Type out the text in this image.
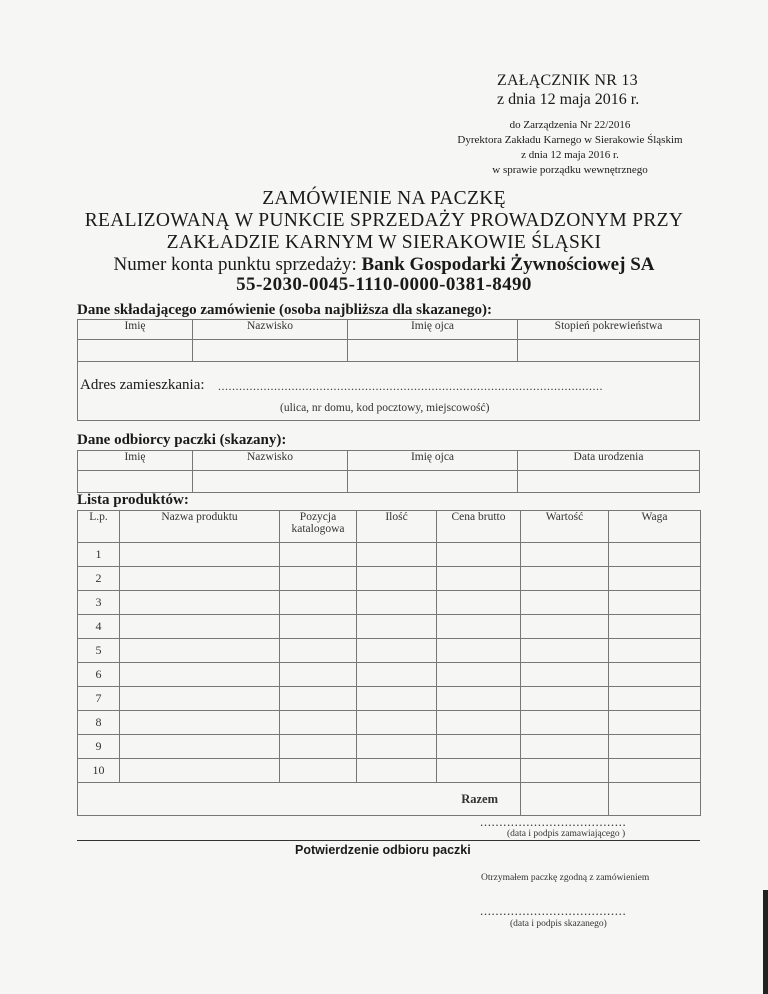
ZAŁĄCZNIK NR 13
z dnia 12 maja 2016 r.
do Zarządzenia Nr 22/2016
Dyrektora Zakładu Karnego w Sierakowie Śląskim
z dnia 12 maja 2016 r.
w sprawie porządku wewnętrznego
ZAMÓWIENIE NA PACZKĘ
REALIZOWANĄ W PUNKCIE SPRZEDAŻY PROWADZONYM PRZY
ZAKŁADZIE KARNYM W SIERAKOWIE ŚLĄSKI
Numer konta punktu sprzedaży: Bank Gospodarki Żywnościowej SA
55-2030-0045-1110-0000-0381-8490
Dane składającego zamówienie (osoba najbliższa dla skazanego):
Imię	Nazwisko	Imię ojca	Stopień pokrewieństwa

Adres zamieszkania: ..............................................................................................................
(ulica, nr domu, kod pocztowy, miejscowość)
Dane odbiorcy paczki (skazany):
Imię	Nazwisko	Imię ojca	Data urodzenia

Lista produktów:
L.p.	Nazwa produktu	Pozycja katalogowa	Ilość	Cena brutto	Wartość	Waga
1						
2						
3						
4						
5						
6						
7						
8						
9						
10						
Razem						
......................................
(data i podpis zamawiającego )
Potwierdzenie odbioru paczki
Otrzymałem paczkę zgodną z zamówieniem
......................................
(data i podpis skazanego)
